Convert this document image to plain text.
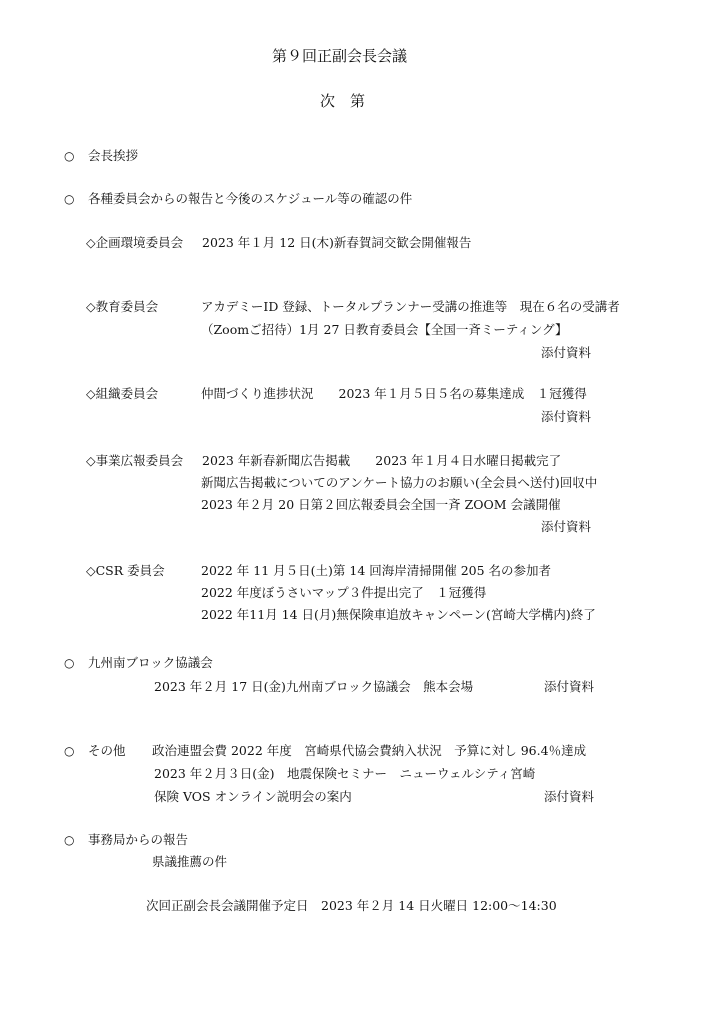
第９回正副会長会議
次　第
○ 会長挨拶
○ 各種委員会からの報告と今後のスケジュール等の確認の件
◇企画環境委員会 2023 年１月 12 日(木)新春賀詞交歓会開催報告
◇教育委員会	アカデミーID 登録、トータルプランナー受講の推進等　現在６名の受講者
（Zoomご招待）1月 27 日教育委員会【全国一斉ミーティング】
添付資料
◇組織委員会	仲間づくり進捗状況　　2023 年１月５日５名の募集達成　１冠獲得
添付資料
◇事業広報委員会 2023 年新春新聞広告掲載　　2023 年１月４日水曜日掲載完了
新聞広告掲載についてのアンケート協力のお願い(全会員へ送付)回収中
2023 年２月 20 日第２回広報委員会全国一斉 ZOOM 会議開催
添付資料
◇CSR 委員会	2022 年 11 月５日(土)第 14 回海岸清掃開催 205 名の参加者
2022 年度ぼうさいマップ３件提出完了　１冠獲得
2022 年11月 14 日(月)無保険車追放キャンペーン(宮崎大学構内)終了
○ 九州南ブロック協議会
2023 年２月 17 日(金)九州南ブロック協議会　熊本会場	添付資料
○ その他 政治連盟会費 2022 年度　宮崎県代協会費納入状況　予算に対し 96.4％達成
2023 年２月３日(金)　地震保険セミナー　ニューウェルシティ宮崎
保険 VOS オンライン説明会の案内	添付資料
○ 事務局からの報告
県議推薦の件
次回正副会長会議開催予定日　2023 年２月 14 日火曜日 12:00～14:30
